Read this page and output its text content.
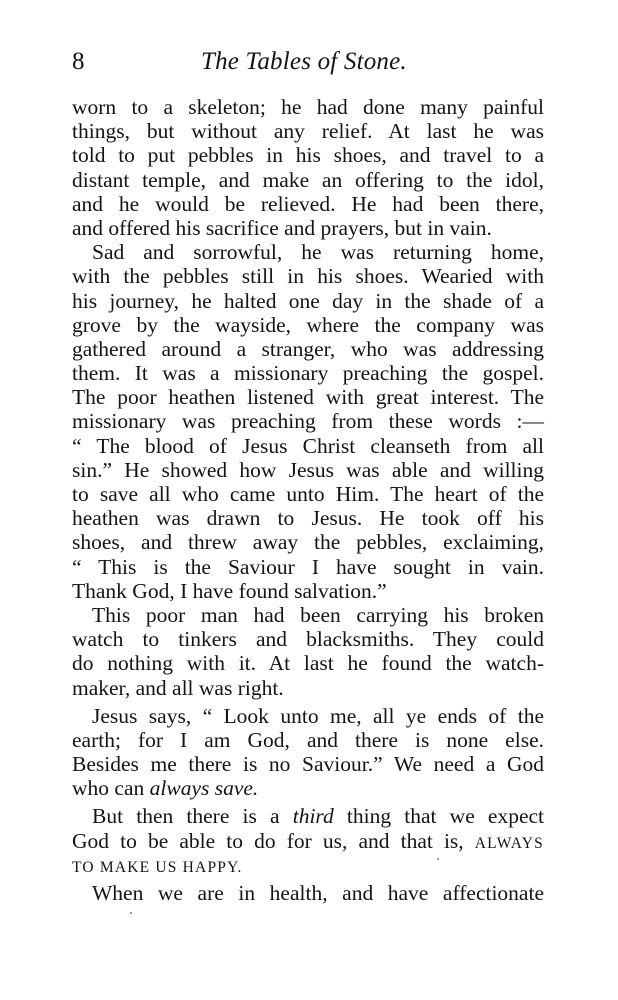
8	The Tables of Stone.
worn to a skeleton; he had done many painful
things, but without any relief. At last he was
told to put pebbles in his shoes, and travel to a
distant temple, and make an offering to the idol,
and he would be relieved. He had been there,
and offered his sacrifice and prayers, but in vain.
Sad and sorrowful, he was returning home,
with the pebbles still in his shoes. Wearied with
his journey, he halted one day in the shade of a
grove by the wayside, where the company was
gathered around a stranger, who was addressing
them. It was a missionary preaching the gospel.
The poor heathen listened with great interest. The
missionary was preaching from these words :—
“ The blood of Jesus Christ cleanseth from all
sin.” He showed how Jesus was able and willing
to save all who came unto Him. The heart of the
heathen was drawn to Jesus. He took off his
shoes, and threw away the pebbles, exclaiming,
“ This is the Saviour I have sought in vain.
Thank God, I have found salvation.”
This poor man had been carrying his broken
watch to tinkers and blacksmiths. They could
do nothing with it. At last he found the watch-
maker, and all was right.
Jesus says, “ Look unto me, all ye ends of the
earth; for I am God, and there is none else.
Besides me there is no Saviour.” We need a God
who can always save.
But then there is a third thing that we expect
God to be able to do for us, and that is, ALWAYS
TO MAKE US HAPPY.
When we are in health, and have affectionate
